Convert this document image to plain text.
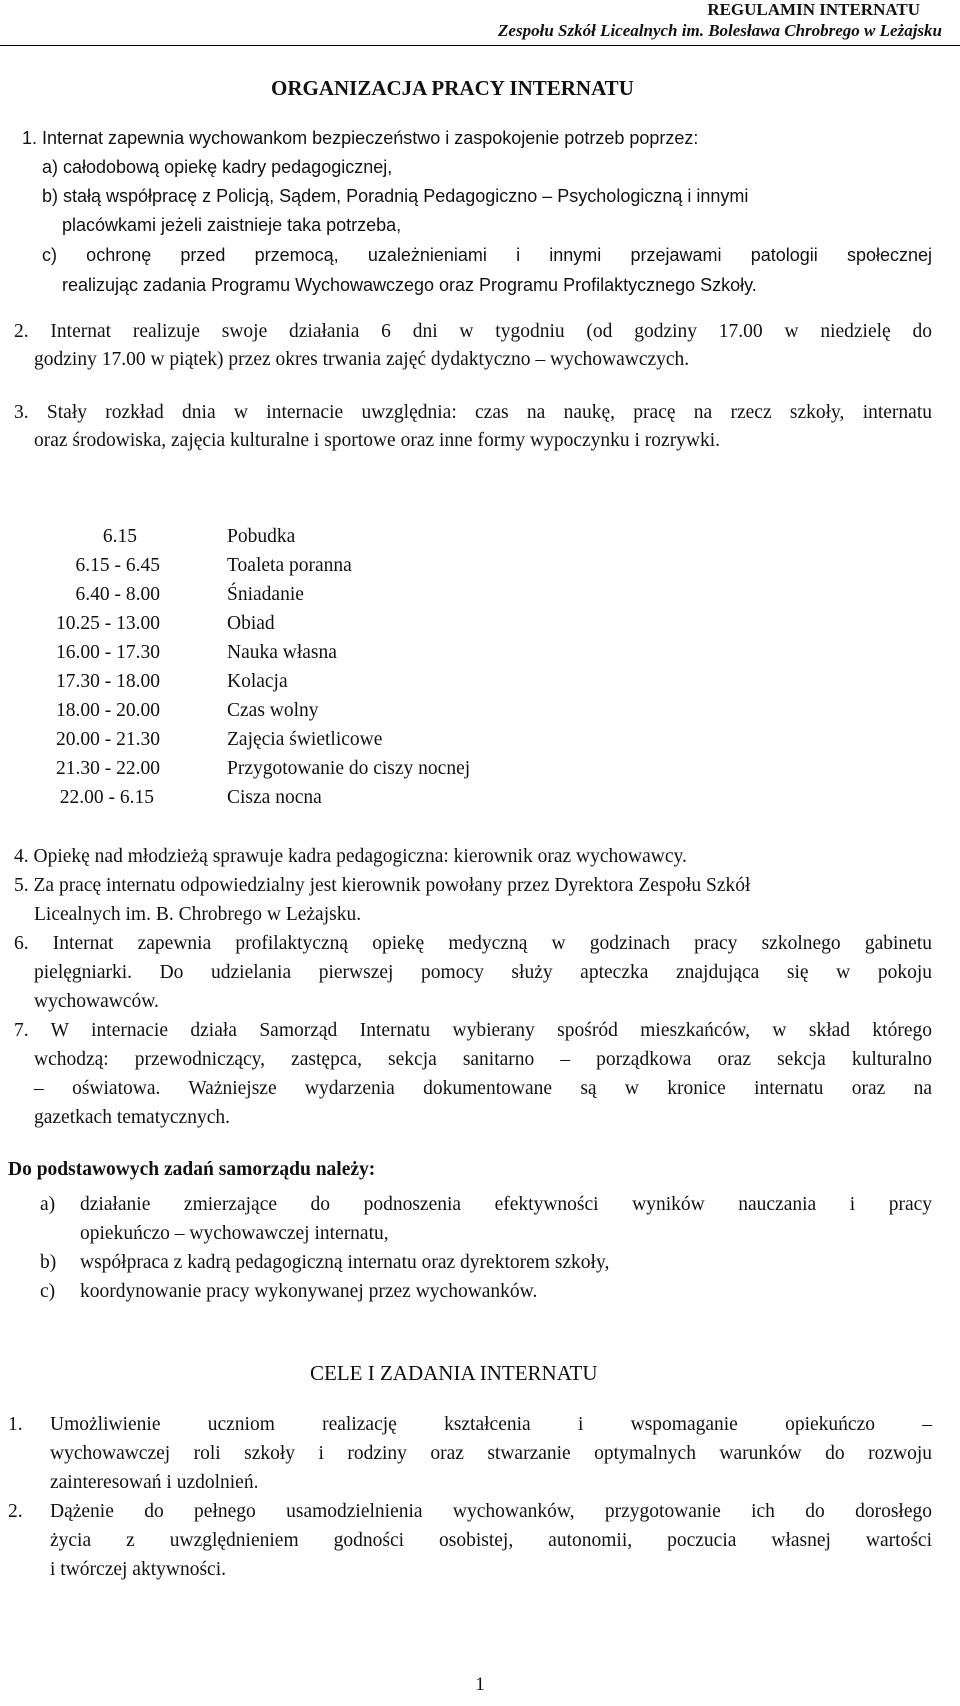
REGULAMIN INTERNATU
Zespołu Szkół Licealnych im. Bolesława Chrobrego w Leżajsku
ORGANIZACJA PRACY INTERNATU
1. Internat zapewnia wychowankom bezpieczeństwo i zaspokojenie potrzeb poprzez:
a) całodobową opiekę kadry pedagogicznej,
b) stałą współpracę z Policją, Sądem, Poradnią Pedagogiczno – Psychologiczną i innymi
placówkami jeżeli zaistnieje taka potrzeba,
c) ochronę przed przemocą, uzależnieniami i innymi przejawami patologii społecznej
realizując zadania Programu Wychowawczego oraz Programu Profilaktycznego Szkoły.
2. Internat realizuje swoje działania 6 dni w tygodniu (od godziny 17.00 w niedzielę do
godziny 17.00 w piątek) przez okres trwania zajęć dydaktyczno – wychowawczych.
3. Stały rozkład dnia w internacie uwzględnia: czas na naukę, pracę na rzecz szkoły, internatu
oraz środowiska, zajęcia kulturalne i sportowe oraz inne formy wypoczynku i rozrywki.
6.15	Pobudka
6.15 - 6.45	Toaleta poranna
6.40 - 8.00	Śniadanie
10.25 - 13.00	Obiad
16.00 - 17.30	Nauka własna
17.30 - 18.00	Kolacja
18.00 - 20.00	Czas wolny
20.00 - 21.30	Zajęcia świetlicowe
21.30 - 22.00	Przygotowanie do ciszy nocnej
22.00 - 6.15	Cisza nocna
4. Opiekę nad młodzieżą sprawuje kadra pedagogiczna: kierownik oraz wychowawcy.
5. Za pracę internatu odpowiedzialny jest kierownik powołany przez Dyrektora Zespołu Szkół
Licealnych im. B. Chrobrego w Leżajsku.
6. Internat zapewnia profilaktyczną opiekę medyczną w godzinach pracy szkolnego gabinetu
pielęgniarki. Do udzielania pierwszej pomocy służy apteczka znajdująca się w pokoju
wychowawców.
7. W internacie działa Samorząd Internatu wybierany spośród mieszkańców, w skład którego
wchodzą: przewodniczący, zastępca, sekcja sanitarno – porządkowa oraz sekcja kulturalno
– oświatowa. Ważniejsze wydarzenia dokumentowane są w kronice internatu oraz na
gazetkach tematycznych.
Do podstawowych zadań samorządu należy:
a) działanie zmierzające do podnoszenia efektywności wyników nauczania i pracy
opiekuńczo – wychowawczej internatu,
b) współpraca z kadrą pedagogiczną internatu oraz dyrektorem szkoły,
c) koordynowanie pracy wykonywanej przez wychowanków.
CELE I ZADANIA INTERNATU
1. Umożliwienie uczniom realizację kształcenia i wspomaganie opiekuńczo –
wychowawczej roli szkoły i rodziny oraz stwarzanie optymalnych warunków do rozwoju
zainteresowań i uzdolnień.
2. Dążenie do pełnego usamodzielnienia wychowanków, przygotowanie ich do dorosłego
życia z uwzględnieniem godności osobistej, autonomii, poczucia własnej wartości
i twórczej aktywności.
1
